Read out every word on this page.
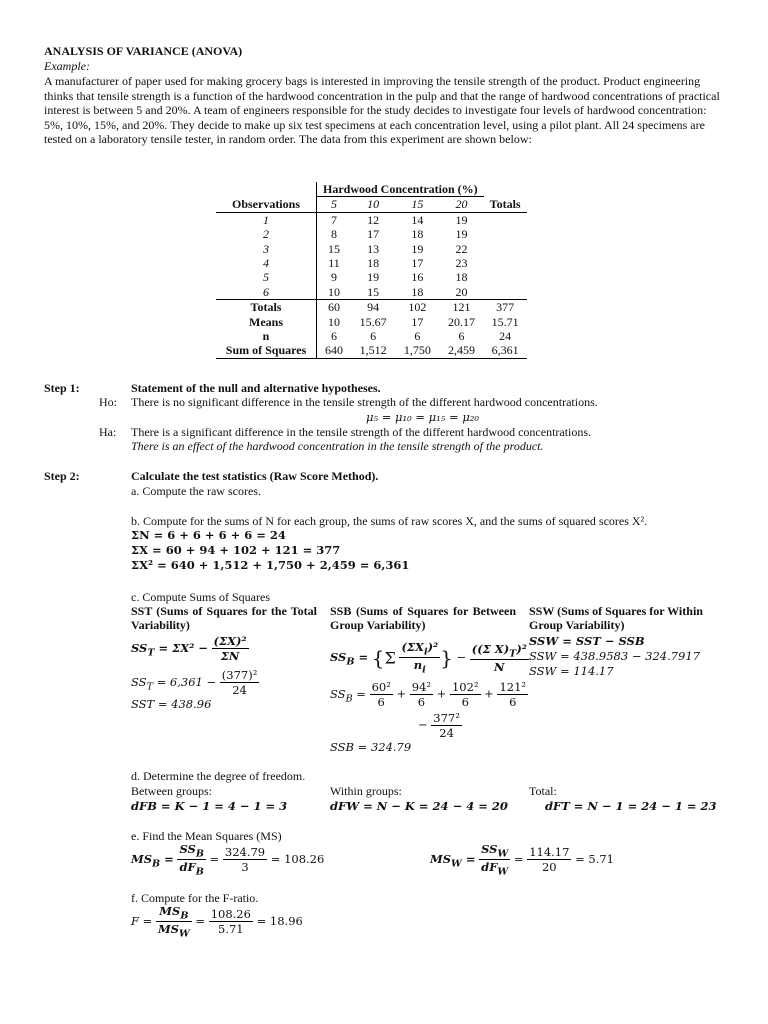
ANALYSIS OF VARIANCE (ANOVA)
Example:

A manufacturer of paper used for making grocery bags is interested in improving the tensile strength of the product. Product engineering thinks that tensile strength is a function of the hardwood concentration in the pulp and that the range of hardwood concentrations of practical interest is between 5 and 20%. A team of engineers responsible for the study decides to investigate four levels of hardwood concentration: 5%, 10%, 15%, and 20%. They decide to make up six test specimens at each concentration level, using a pilot plant. All 24 specimens are tested on a laboratory tensile tester, in random order. The data from this experiment are shown below:

		Hardwood Concentration (%)				
Observations		5	10	15	20	Totals
1		7	12	14	19	
2		8	17	18	19	
3		15	13	19	22	
4		11	18	17	23	
5		9	19	16	18	
6		10	15	18	20	
Totals		60	94	102	121	377
Means		10	15.67	17	20.17	15.71
n		6	6	6	6	24
Sum of Squares		640	1,512	1,750	2,459	6,361
Step 1:	Statement of the null and alternative hypotheses.
Ho: There is no significant difference in the tensile strength of the different hardwood concentrations.
μ₅ = μ₁₀ = μ₁₅ = μ₂₀
Ha: There is a significant difference in the tensile strength of the different hardwood concentrations.
There is an effect of the hardwood concentration in the tensile strength of the product.
Step 2:	Calculate the test statistics (Raw Score Method).
a. Compute the raw scores.
b. Compute for the sums of N for each group, the sums of raw scores X, and the sums of squared scores X².
ΣN = 6 + 6 + 6 + 6 = 24
ΣX = 60 + 94 + 102 + 121 = 377
ΣX² = 640 + 1,512 + 1,750 + 2,459 = 6,361
c. Compute Sums of Squares
SST (Sums of Squares for the Total Variability)
SSB (Sums of Squares for Between Group Variability)
SSW (Sums of Squares for Within Group Variability)
$SS_T = \Sigma X^2 - \frac{\text{(ΣX)²}}{\Sigma N}$
$SS_T = 6,361 - \frac{\text{(377)²}}{24}$
SST = 438.96
$SS_B = \{\Sigma \frac{(\Sigma X_i)^2}{n_i}$ } − $\frac{((\Sigma X)_T)^2}{N}$
$SS_B = \frac{\text{60²}}{6} + \frac{\text{94²}}{6} + \frac{\text{102²}}{6} + \frac{\text{121²}}{6}$
− $\frac{\text{377²}}{24}$
SSB = 324.79
SSW = SST − SSB
SSW = 438.9583 − 324.7917
SSW = 114.17
d. Determine the degree of freedom.
Between groups:
dFB = K − 1 = 4 − 1 = 3
Within groups:
dFW = N − K = 24 − 4 = 20
Total:
dFT = N − 1 = 24 − 1 = 23
e. Find the Mean Squares (MS)
$MS_B = \frac{SS_B}{dF_B} = \frac{324.79}{3} = 108.26$	$MS_W = \frac{SS_W}{dF_W} = \frac{114.17}{20} = 5.71$
f. Compute for the F-ratio.
$F = \frac{MS_B}{MS_W} = \frac{108.26}{5.71} = 18.96$
